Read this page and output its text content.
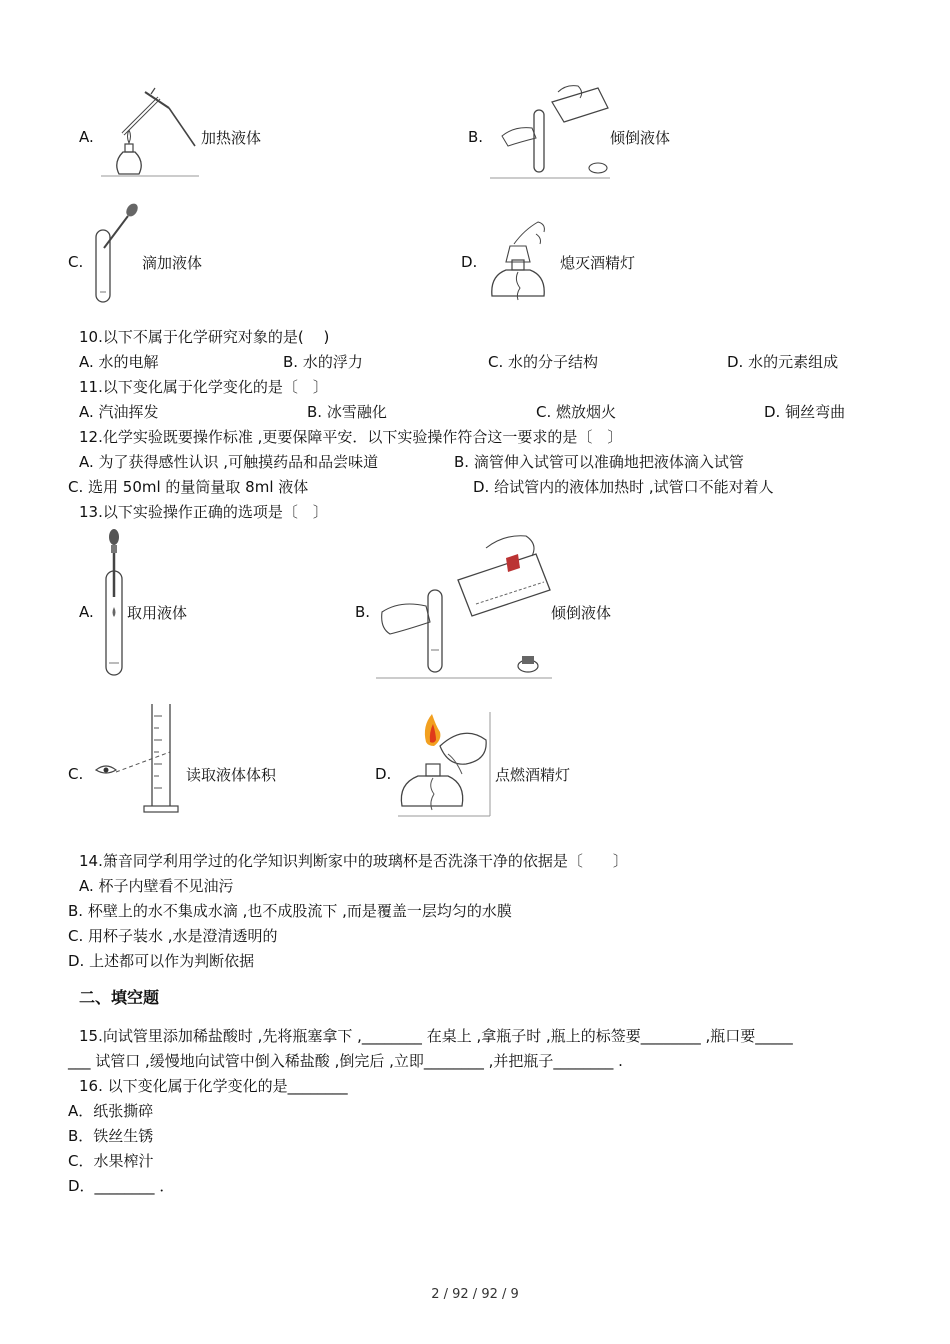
A.	加热液体	B.	倾倒液体
C.	滴加液体	D.	熄灭酒精灯
10.以下不属于化学研究对象的是(　 )
A. 水的电解	B. 水的浮力	C. 水的分子结构	D. 水的元素组成
11.以下变化属于化学变化的是〔　〕
A. 汽油挥发	B. 冰雪融化	C. 燃放烟火	D. 铜丝弯曲
12.化学实验既要操作标准 ,更要保障平安．以下实验操作符合这一要求的是〔　〕
A. 为了获得感性认识 ,可触摸药品和品尝味道	B. 滴管伸入试管可以准确地把液体滴入试管
C. 选用 50ml 的量筒量取 8ml 液体	D. 给试管内的液体加热时 ,试管口不能对着人
13.以下实验操作正确的选项是〔　〕
A. 取用液体	B.	倾倒液体
C.	读取液体体积	D.	点燃酒精灯
14.箫音同学利用学过的化学知识判断家中的玻璃杯是否洗涤干净的依据是〔　　〕
A. 杯子内壁看不见油污
B. 杯壁上的水不集成水滴 ,也不成股流下 ,而是覆盖一层均匀的水膜
C. 用杯子装水 ,水是澄清透明的
D. 上述都可以作为判断依据
二、填空题
15.向试管里添加稀盐酸时 ,先将瓶塞拿下 ,________ 在桌上 ,拿瓶子时 ,瓶上的标签要________ ,瓶口要_____
___ 试管口 ,缓慢地向试管中倒入稀盐酸 ,倒完后 ,立即________ ,并把瓶子________ .
16. 以下变化属于化学变化的是________
A．纸张撕碎
B．铁丝生锈
C．水果榨汁
D．________ ．
2 / 92 / 92 / 9
